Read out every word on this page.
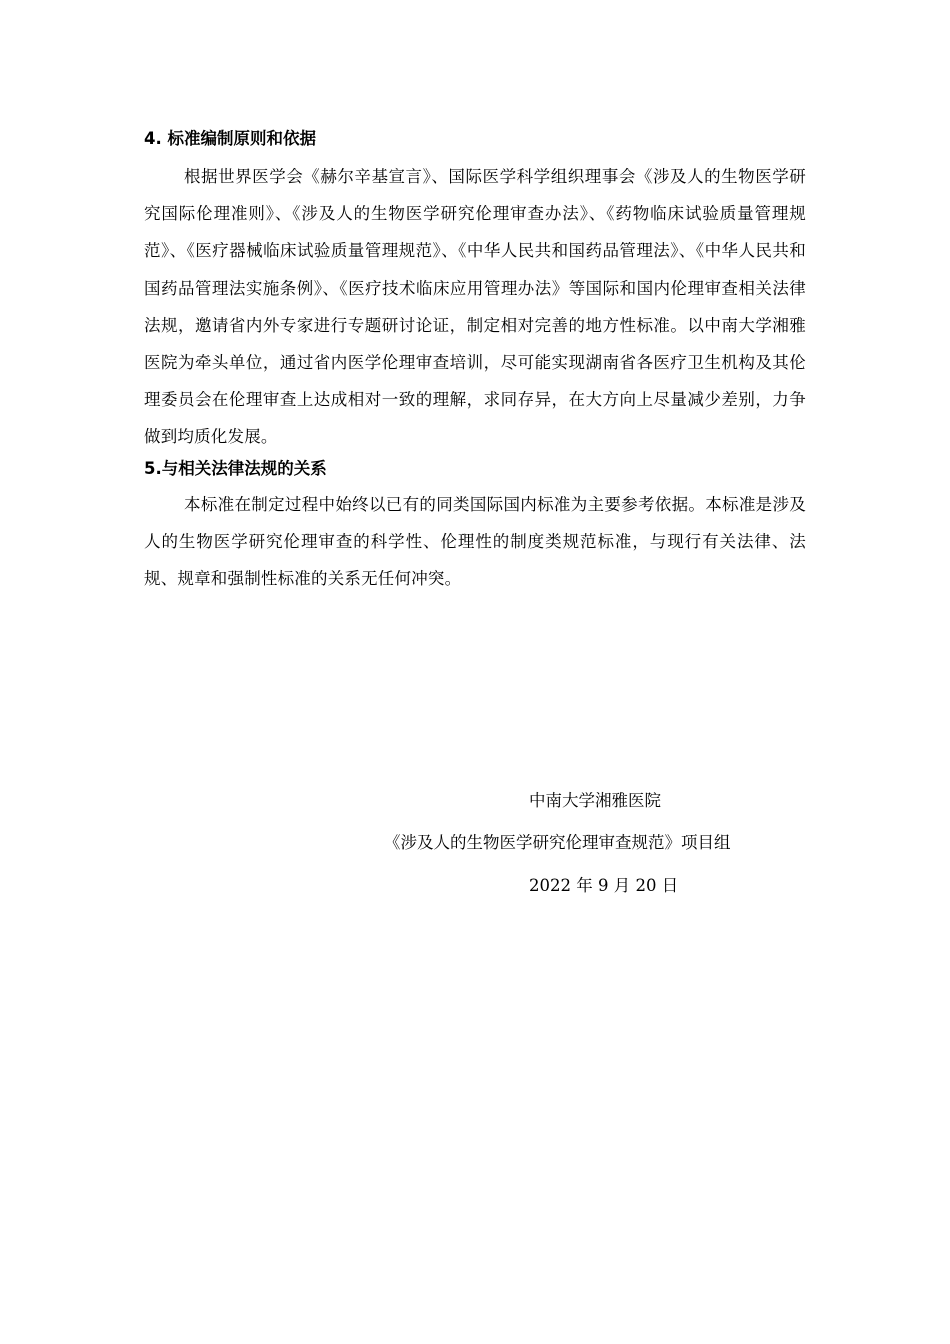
4. 标准编制原则和依据

根据世界医学会《赫尔辛基宣言》、国际医学科学组织理事会《涉及人的生物医学研究国际伦理准则》、《涉及人的生物医学研究伦理审查办法》、《药物临床试验质量管理规范》、《医疗器械临床试验质量管理规范》、《中华人民共和国药品管理法》、《中华人民共和国药品管理法实施条例》、《医疗技术临床应用管理办法》等国际和国内伦理审查相关法律法规，邀请省内外专家进行专题研讨论证，制定相对完善的地方性标准。以中南大学湘雅医院为牵头单位，通过省内医学伦理审查培训，尽可能实现湖南省各医疗卫生机构及其伦理委员会在伦理审查上达成相对一致的理解，求同存异，在大方向上尽量减少差别，力争做到均质化发展。

5.与相关法律法规的关系

本标准在制定过程中始终以已有的同类国际国内标准为主要参考依据。本标准是涉及人的生物医学研究伦理审查的科学性、伦理性的制度类规范标准，与现行有关法律、法规、规章和强制性标准的关系无任何冲突。

中南大学湘雅医院
《涉及人的生物医学研究伦理审查规范》项目组
2022 年 9 月 20 日
